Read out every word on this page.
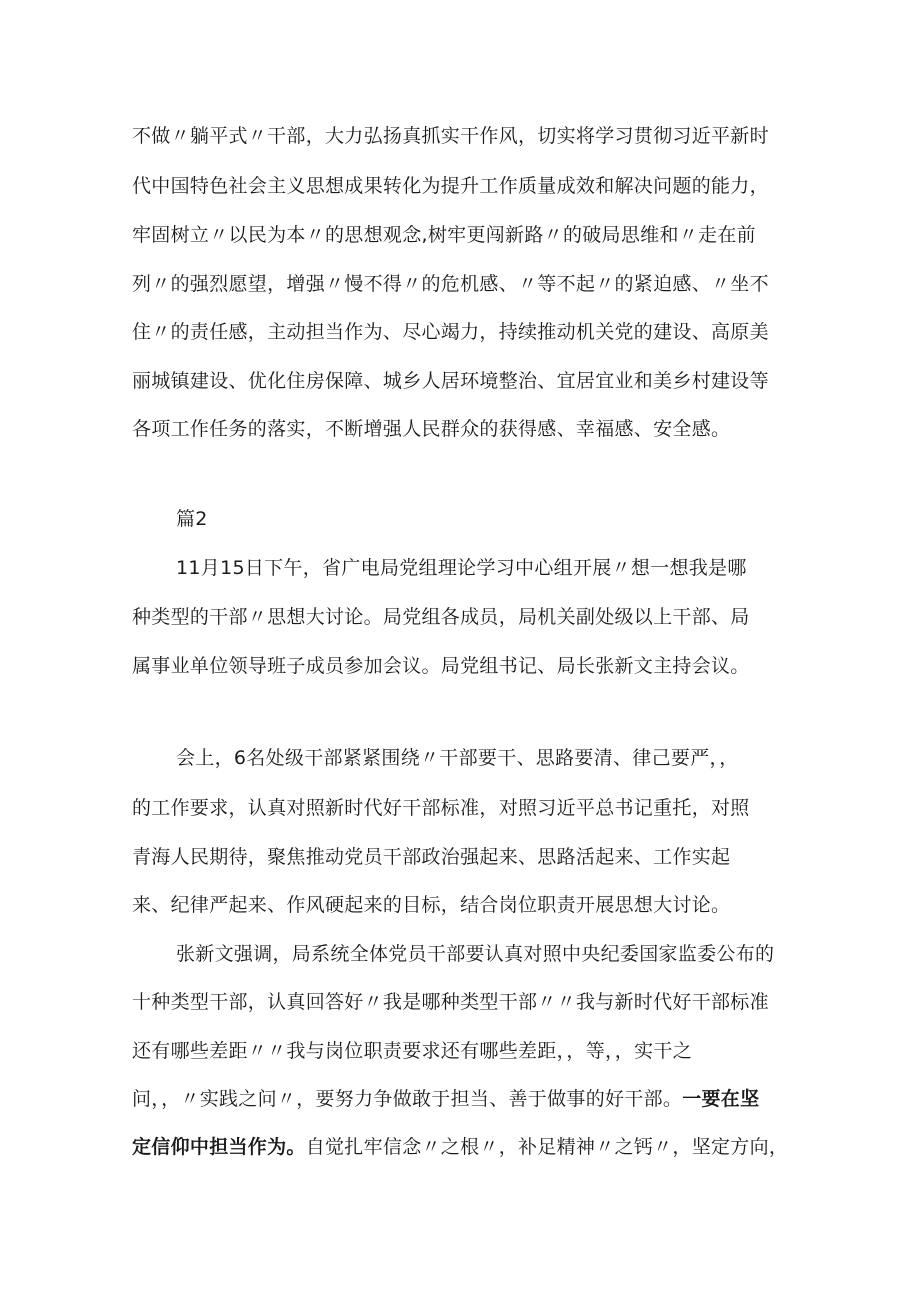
不做〃躺平式〃干部，大力弘扬真抓实干作风，切实将学习贯彻习近平新时
代中国特色社会主义思想成果转化为提升工作质量成效和解决问题的能力，
牢固树立〃以民为本〃的思想观念,树牢更闯新路〃的破局思维和〃走在前
列〃的强烈愿望，增强〃慢不得〃的危机感、〃等不起〃的紧迫感、〃坐不
住〃的责任感，主动担当作为、尽心竭力，持续推动机关党的建设、高原美
丽城镇建设、优化住房保障、城乡人居环境整治、宜居宜业和美乡村建设等
各项工作任务的落实，不断增强人民群众的获得感、幸福感、安全感。
篇2
11月15日下午，省广电局党组理论学习中心组开展〃想一想我是哪
种类型的干部〃思想大讨论。局党组各成员，局机关副处级以上干部、局
属事业单位领导班子成员参加会议。局党组书记、局长张新文主持会议。
会上，6名处级干部紧紧围绕〃干部要干、思路要清、律己要严，，
的工作要求，认真对照新时代好干部标准，对照习近平总书记重托，对照
青海人民期待，聚焦推动党员干部政治强起来、思路活起来、工作实起
来、纪律严起来、作风硬起来的目标，结合岗位职责开展思想大讨论。
张新文强调，局系统全体党员干部要认真对照中央纪委国家监委公布的
十种类型干部，认真回答好〃我是哪种类型干部〃〃我与新时代好干部标准
还有哪些差距〃〃我与岗位职责要求还有哪些差距，，等，，实干之
问，，〃实践之问〃，要努力争做敢于担当、善于做事的好干部。一要在坚
定信仰中担当作为。自觉扎牢信念〃之根〃，补足精神〃之钙〃，坚定方向，
